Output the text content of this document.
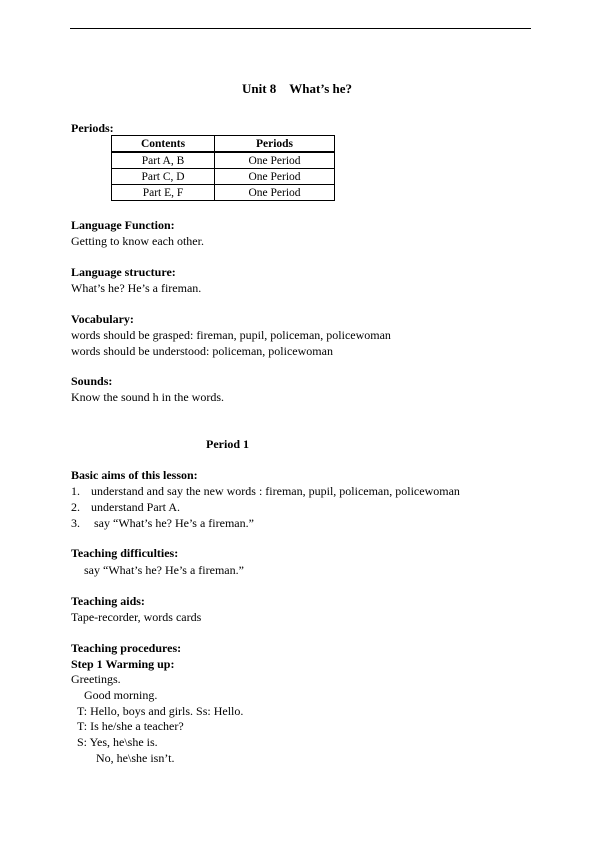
Unit 8 What’s he?
Periods:
Contents	Periods
Part A, B	One Period
Part C, D	One Period
Part E, F	One Period
Language Function:
Getting to know each other.
Language structure:
What’s he? He’s a fireman.
Vocabulary:
words should be grasped: fireman, pupil, policeman, policewoman
words should be understood: policeman, policewoman
Sounds:
Know the sound h in the words.
Period 1
Basic aims of this lesson:
1. understand and say the new words : fireman, pupil, policeman, policewoman
2. understand Part A.
3. say “What’s he? He’s a fireman.”
Teaching difficulties:
say “What’s he? He’s a fireman.”
Teaching aids:
Tape-recorder, words cards
Teaching procedures:
Step 1 Warming up:
Greetings.
Good morning.
T: Hello, boys and girls. Ss: Hello.
T: Is he/she a teacher?
S: Yes, he\she is.
No, he\she isn’t.
